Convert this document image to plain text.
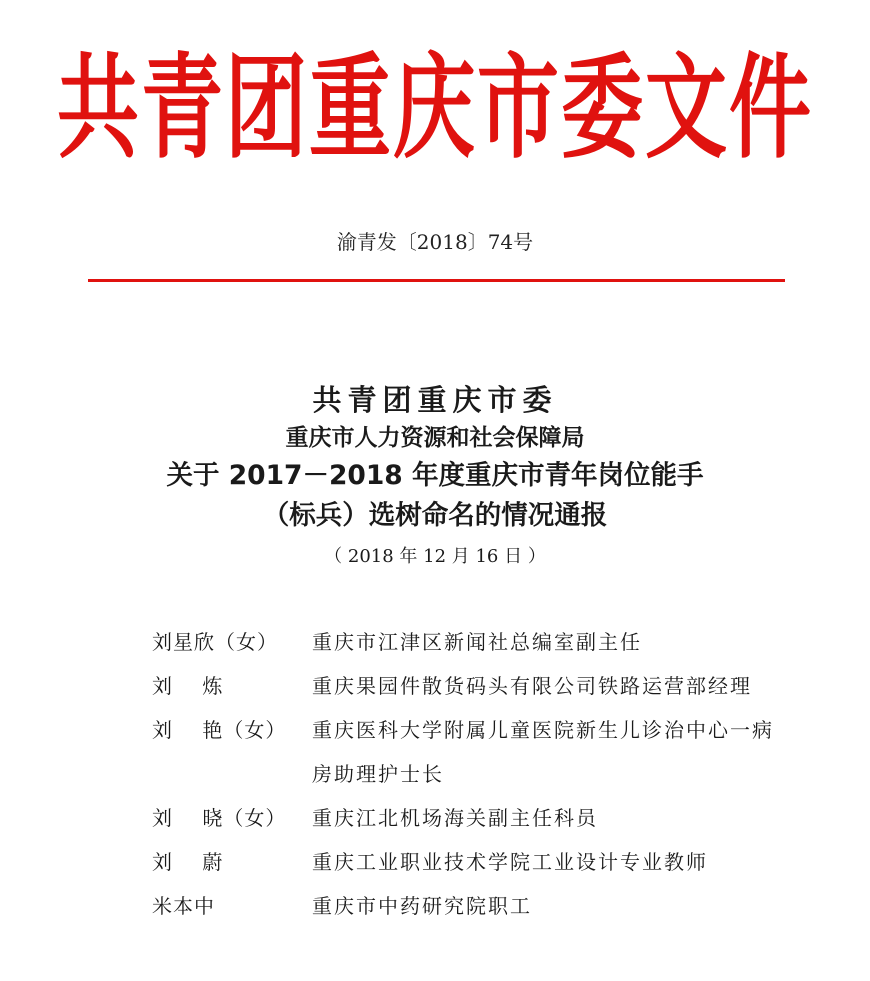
共青团重庆市委文件
渝青发〔2018〕74号
共青团重庆市委
重庆市人力资源和社会保障局
关于 2017－2018 年度重庆市青年岗位能手
（标兵）选树命名的情况通报
（ 2018 年 12 月 16 日 ）
刘星欣（女）	重庆市江津区新闻社总编室副主任
刘    炼	重庆果园件散货码头有限公司铁路运营部经理
刘    艳（女）	重庆医科大学附属儿童医院新生儿诊治中心一病房助理护士长
刘    晓（女）	重庆江北机场海关副主任科员
刘    蔚	重庆工业职业技术学院工业设计专业教师
米本中	重庆市中药研究院职工
